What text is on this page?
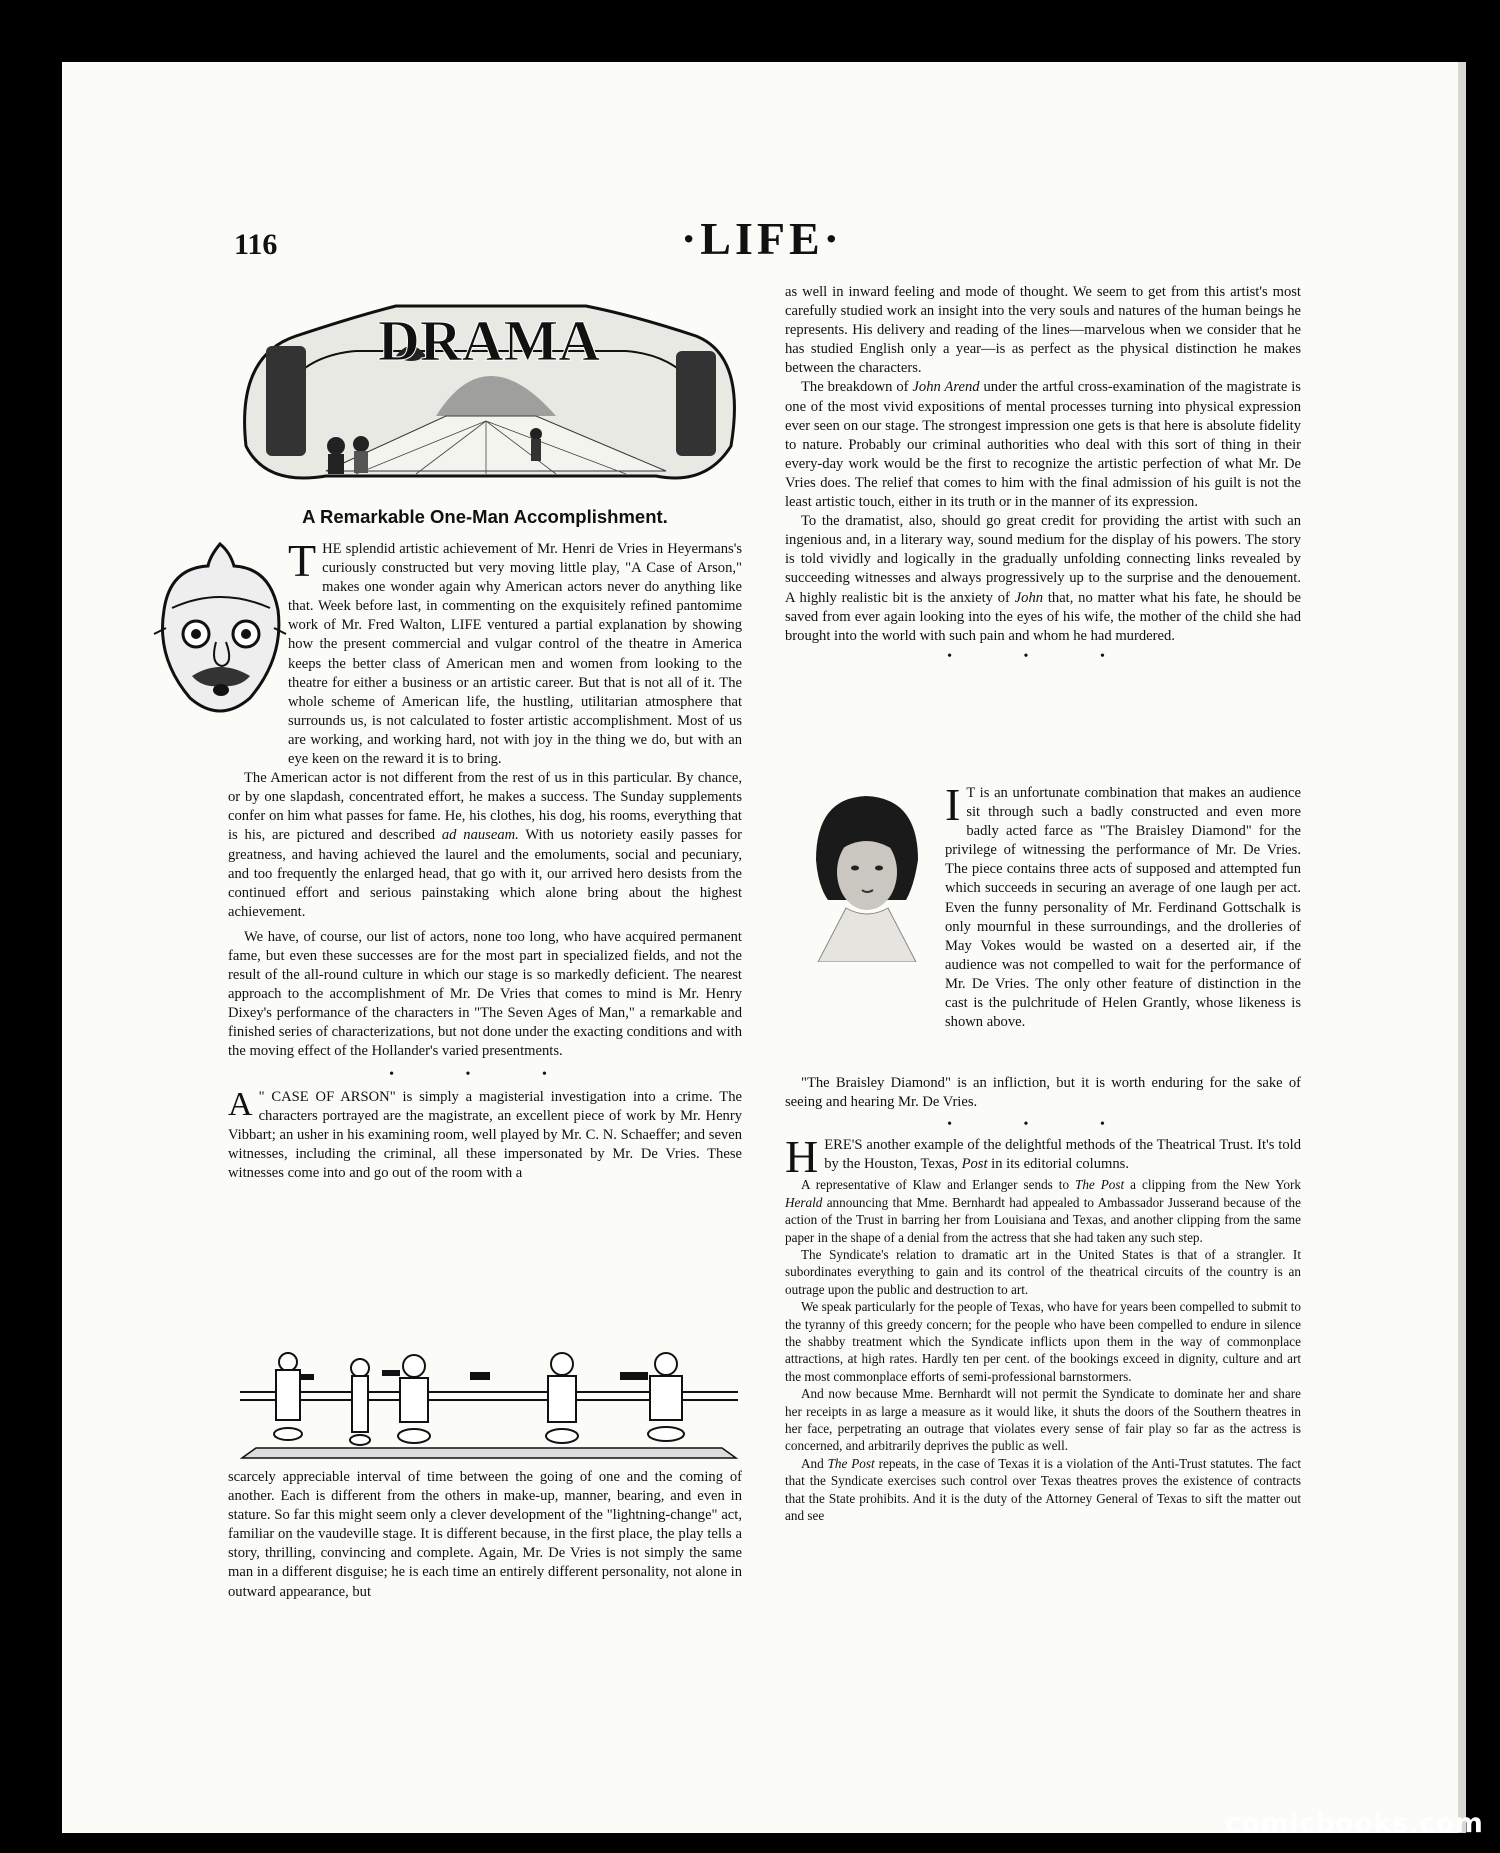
116	·LIFE·
DRAMA
A Remarkable One-Man Accomplishment.

THE splendid artistic achievement of Mr. Henri de Vries in Heyermans's curiously constructed but very moving little play, "A Case of Arson," makes one wonder again why American actors never do anything like that. Week before last, in commenting on the exquisitely refined pantomime work of Mr. Fred Walton, LIFE ventured a partial explanation by showing how the present commercial and vulgar control of the theatre in America keeps the better class of American men and women from looking to the theatre for either a business or an artistic career. But that is not all of it. The whole scheme of American life, the hustling, utilitarian atmosphere that surrounds us, is not calculated to foster artistic accomplishment. Most of us are working, and working hard, not with joy in the thing we do, but with an eye keen on the reward it is to bring.

The American actor is not different from the rest of us in this particular. By chance, or by one slapdash, concentrated effort, he makes a success. The Sunday supplements confer on him what passes for fame. He, his clothes, his dog, his rooms, everything that is his, are pictured and described ad nauseam. With us notoriety easily passes for greatness, and having achieved the laurel and the emoluments, social and pecuniary, and too frequently the enlarged head, that go with it, our arrived hero desists from the continued effort and serious painstaking which alone bring about the highest achievement.

We have, of course, our list of actors, none too long, who have acquired permanent fame, but even these successes are for the most part in specialized fields, and not the result of the all-round culture in which our stage is so markedly deficient. The nearest approach to the accomplishment of Mr. De Vries that comes to mind is Mr. Henry Dixey's performance of the characters in "The Seven Ages of Man," a remarkable and finished series of characterizations, but not done under the exacting conditions and with the moving effect of the Hollander's varied presentments.

• • •

"
A CASE OF ARSON" is simply a magisterial investigation into a crime. The characters portrayed are the magistrate, an excellent piece of work by Mr. Henry Vibbart; an usher in his examining room, well played by Mr. C. N. Schaeffer; and seven witnesses, including the criminal, all these impersonated by Mr. De Vries. These witnesses come into and go out of the room with a

scarcely appreciable interval of time between the going of one and the coming of another. Each is different from the others in make-up, manner, bearing, and even in stature. So far this might seem only a clever development of the "lightning-change" act, familiar on the vaudeville stage. It is different because, in the first place, the play tells a story, thrilling, convincing and complete. Again, Mr. De Vries is not simply the same man in a different disguise; he is each time an entirely different personality, not alone in outward appearance, but

as well in inward feeling and mode of thought. We seem to get from this artist's most carefully studied work an insight into the very souls and natures of the human beings he represents. His delivery and reading of the lines—marvelous when we consider that he has studied English only a year—is as perfect as the physical distinction he makes between the characters.

The breakdown of John Arend under the artful cross-examination of the magistrate is one of the most vivid expositions of mental processes turning into physical expression ever seen on our stage. The strongest impression one gets is that here is absolute fidelity to nature. Probably our criminal authorities who deal with this sort of thing in their every-day work would be the first to recognize the artistic perfection of what Mr. De Vries does. The relief that comes to him with the final admission of his guilt is not the least artistic touch, either in its truth or in the manner of its expression.

To the dramatist, also, should go great credit for providing the artist with such an ingenious and, in a literary way, sound medium for the display of his powers. The story is told vividly and logically in the gradually unfolding connecting links revealed by succeeding witnesses and always progressively up to the surprise and the denouement. A highly realistic bit is the anxiety of John that, no matter what his fate, he should be saved from ever again looking into the eyes of his wife, the mother of the child she had brought into the world with such pain and whom he had murdered.

• • •

I T is an unfortunate combination that makes an audience sit through such a badly constructed and even more badly acted farce as "The Braisley Diamond" for the privilege of witnessing the performance of Mr. De Vries. The piece contains three acts of supposed and attempted fun which succeeds in securing an average of one laugh per act. Even the funny personality of Mr. Ferdinand Gottschalk is only mournful in these surroundings, and the drolleries of May Vokes would be wasted on a deserted air, if the audience was not compelled to wait for the performance of Mr. De Vries. The only other feature of distinction in the cast is the pulchritude of Helen Grantly, whose likeness is shown above.

"The Braisley Diamond" is an infliction, but it is worth enduring for the sake of seeing and hearing Mr. De Vries.

• • •

HERE'S another example of the delightful methods of the Theatrical Trust. It's told by the Houston, Texas, Post in its editorial columns.

A representative of Klaw and Erlanger sends to The Post a clipping from the New York Herald announcing that Mme. Bernhardt had appealed to Ambassador Jusserand because of the action of the Trust in barring her from Louisiana and Texas, and another clipping from the same paper in the shape of a denial from the actress that she had taken any such step.

The Syndicate's relation to dramatic art in the United States is that of a strangler. It subordinates everything to gain and its control of the theatrical circuits of the country is an outrage upon the public and destruction to art.

We speak particularly for the people of Texas, who have for years been compelled to submit to the tyranny of this greedy concern; for the people who have been compelled to endure in silence the shabby treatment which the Syndicate inflicts upon them in the way of commonplace attractions, at high rates. Hardly ten per cent. of the bookings exceed in dignity, culture and art the most commonplace efforts of semi-professional barnstormers.

And now because Mme. Bernhardt will not permit the Syndicate to dominate her and share her receipts in as large a measure as it would like, it shuts the doors of the Southern theatres in her face, perpetrating an outrage that violates every sense of fair play so far as the actress is concerned, and arbitrarily deprives the public as well.

And The Post repeats, in the case of Texas it is a violation of the Anti-Trust statutes. The fact that the Syndicate exercises such control over Texas theatres proves the existence of contracts that the State prohibits. And it is the duty of the Attorney General of Texas to sift the matter out and see

comicbooks.com
